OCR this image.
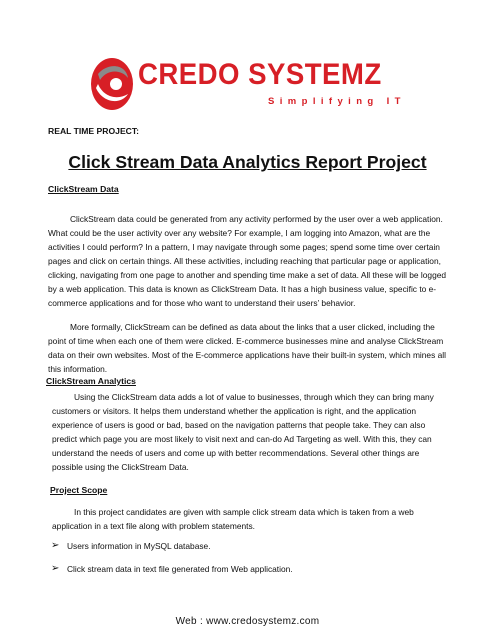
CREDO SYSTEMZ
Simplifying IT
REAL TIME PROJECT:
Click Stream Data Analytics Report Project
ClickStream Data

ClickStream data could be generated from any activity performed by the user over a web application. What could be the user activity over any website? For example, I am logging into Amazon, what are the activities I could perform? In a pattern, I may navigate through some pages; spend some time over certain pages and click on certain things. All these activities, including reaching that particular page or application, clicking, navigating from one page to another and spending time make a set of data. All these will be logged by a web application. This data is known as ClickStream Data. It has a high business value, specific to e-commerce applications and for those who want to understand their users’ behavior.

More formally, ClickStream can be defined as data about the links that a user clicked, including the point of time when each one of them were clicked. E-commerce businesses mine and analyse ClickStream data on their own websites. Most of the E-commerce applications have their built-in system, which mines all this information.

ClickStream Analytics

Using the ClickStream data adds a lot of value to businesses, through which they can bring many customers or visitors. It helps them understand whether the application is right, and the application experience of users is good or bad, based on the navigation patterns that people take. They can also predict which page you are most likely to visit next and can-do Ad Targeting as well. With this, they can understand the needs of users and come up with better recommendations. Several other things are possible using the ClickStream Data.

Project Scope

In this project candidates are given with sample click stream data which is taken from a web application in a text file along with problem statements.

➢ Users information in MySQL database.
➢ Click stream data in text file generated from Web application.
Web : www.credosystemz.com
